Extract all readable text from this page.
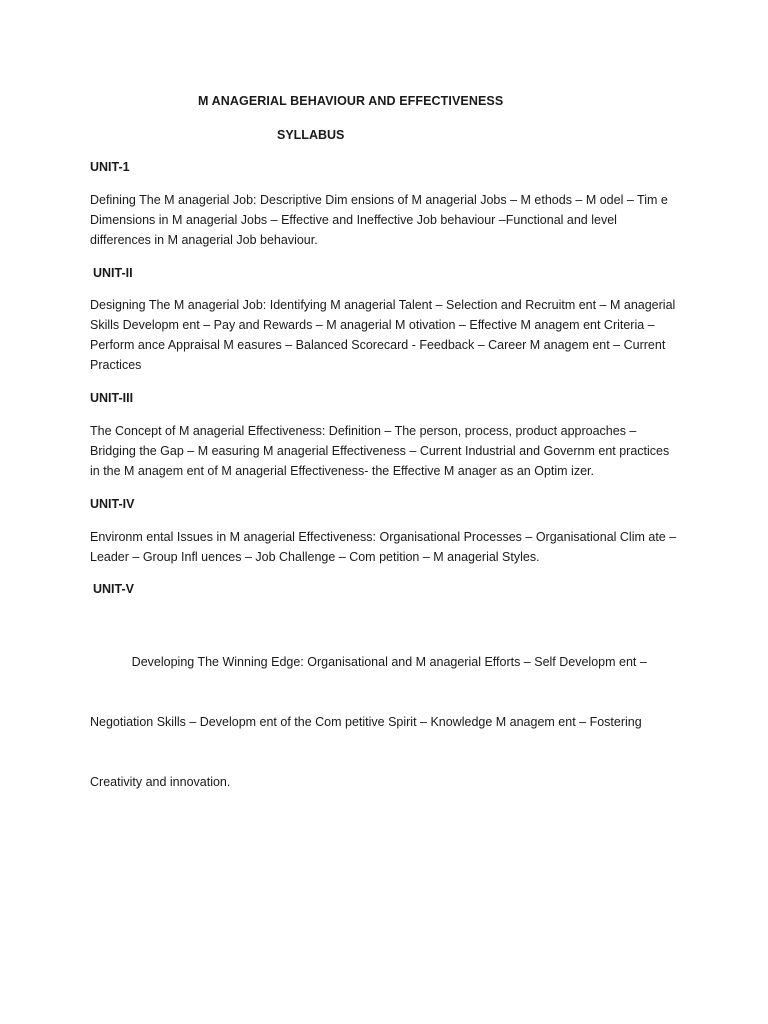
M ANAGERIAL BEHAVIOUR AND EFFECTIVENESS
SYLLABUS
UNIT-1
Defining The M anagerial Job: Descriptive Dim ensions of M anagerial Jobs – M ethods – M odel – Tim e
Dimensions in M anagerial Jobs – Effective and Ineffective Job behaviour –Functional and level
differences in M anagerial Job behaviour.
UNIT-II
Designing The M anagerial Job: Identifying M anagerial Talent – Selection and Recruitm ent – M anagerial
Skills Developm ent – Pay and Rewards – M anagerial M otivation – Effective M anagem ent Criteria –
Perform ance Appraisal M easures – Balanced Scorecard - Feedback – Career M anagem ent – Current
Practices
UNIT-III
The Concept of M anagerial Effectiveness: Definition – The person, process, product approaches –
Bridging the Gap – M easuring M anagerial Effectiveness – Current Industrial and Governm ent practices
in the M anagem ent of M anagerial Effectiveness- the Effective M anager as an Optim izer.
UNIT-IV
Environm ental Issues in M anagerial Effectiveness: Organisational Processes – Organisational Clim ate –
Leader – Group Infl uences – Job Challenge – Com petition – M anagerial Styles.
UNIT-V

Developing The Winning Edge: Organisational and M anagerial Efforts – Self Developm ent –

Negotiation Skills – Developm ent of the Com petitive Spirit – Knowledge M anagem ent – Fostering

Creativity and innovation.
